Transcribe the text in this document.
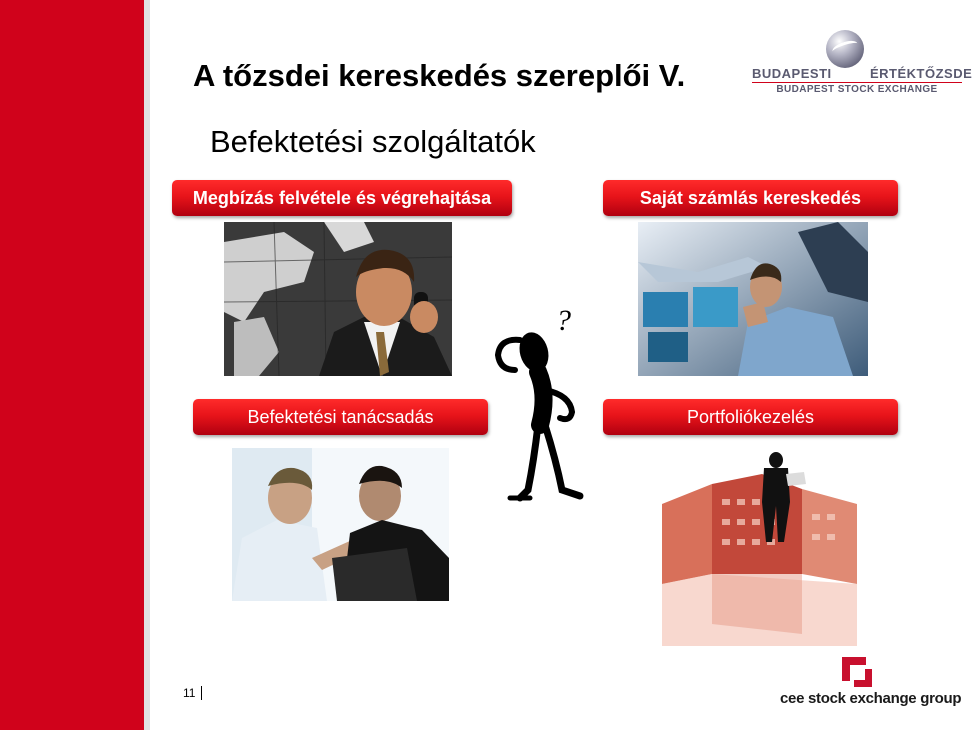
A tőzsdei kereskedés szereplői V.
Befektetési szolgáltatók
BUDAPESTI	ÉRTÉKTŐZSDE
BUDAPEST STOCK EXCHANGE
Megbízás felvétele és végrehajtása	Saját számlás kereskedés
Befektetési tanácsadás	Portfoliókezelés
?
11	cee stock exchange group
